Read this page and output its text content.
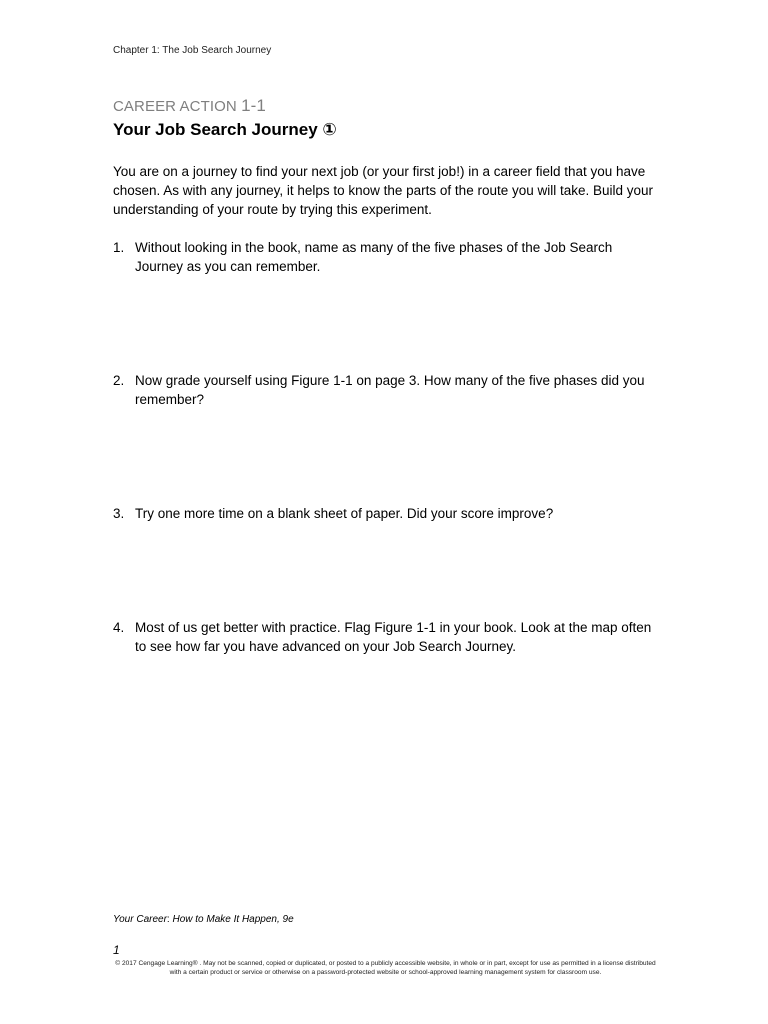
Chapter 1: The Job Search Journey
CAREER ACTION 1-1
Your Job Search Journey ①
You are on a journey to find your next job (or your first job!) in a career field that you have chosen. As with any journey, it helps to know the parts of the route you will take. Build your understanding of your route by trying this experiment.
1. Without looking in the book, name as many of the five phases of the Job Search Journey as you can remember.
2. Now grade yourself using Figure 1-1 on page 3. How many of the five phases did you remember?
3. Try one more time on a blank sheet of paper. Did your score improve?
4. Most of us get better with practice. Flag Figure 1-1 in your book. Look at the map often to see how far you have advanced on your Job Search Journey.
Your Career: How to Make It Happen, 9e
1
© 2017 Cengage Learning® . May not be scanned, copied or duplicated, or posted to a publicly accessible website, in whole or in part, except for use as permitted in a license distributed with a certain product or service or otherwise on a password-protected website or school-approved learning management system for classroom use.
